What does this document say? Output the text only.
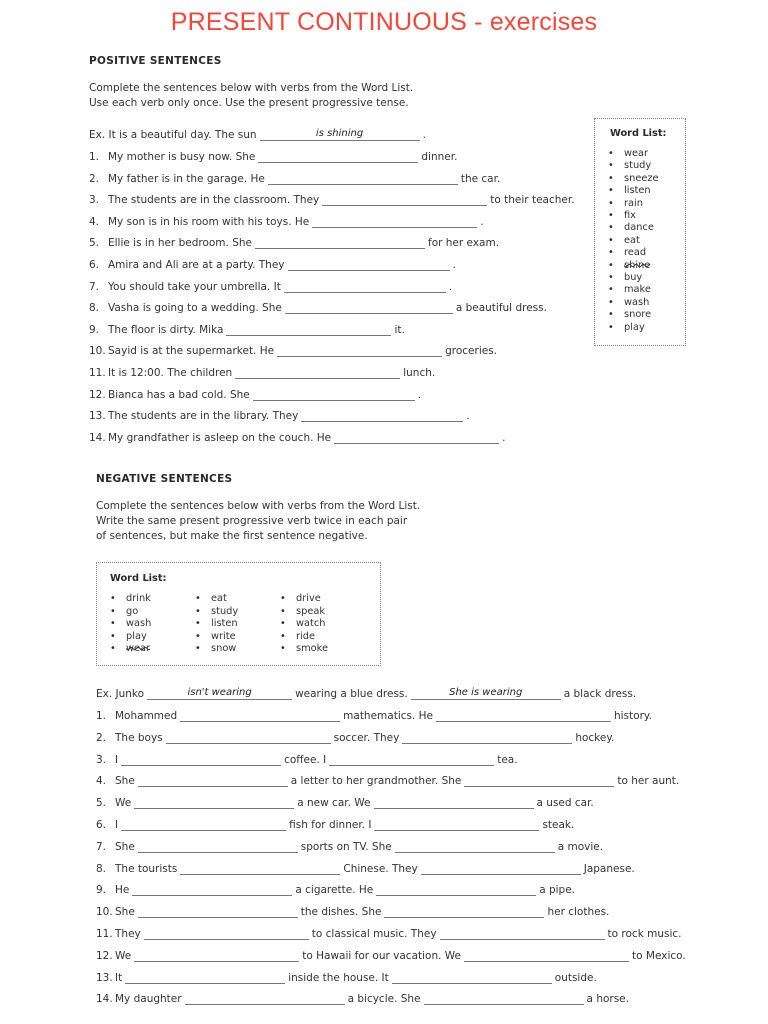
PRESENT CONTINUOUS - exercises
POSITIVE SENTENCES
Complete the sentences below with verbs from the Word List.
Use each verb only once. Use the present progressive tense.
Ex. It is a beautiful day. The sun	is shining	.
1. My mother is busy now. She	dinner.
2. My father is in the garage. He	the car.
3. The students are in the classroom. They	to their teacher.
4. My son is in his room with his toys. He	.
5. Ellie is in her bedroom. She	for her exam.
6. Amira and Ali are at a party. They	.
7. You should take your umbrella. It	.
8. Vasha is going to a wedding. She	a beautiful dress.
9. The floor is dirty. Mika	it.
10. Sayid is at the supermarket. He	groceries.
11. It is 12:00. The children	lunch.
12. Bianca has a bad cold. She	.
13. The students are in the library. They	.
14. My grandfather is asleep on the couch. He	.
Word List:
• wear
• study
• sneeze
• listen
• rain
• fix
• dance
• eat
• read
• shine
• buy
• make
• wash
• snore
• play
NEGATIVE SENTENCES
Complete the sentences below with verbs from the Word List.
Write the same present progressive verb twice in each pair
of sentences, but make the first sentence negative.
Word List:
• drink
• go
• wash
• play
• wear
• eat
• study
• listen
• write
• snow
• drive
• speak
• watch
• ride
• smoke
Ex. Junko	isn't wearing	wearing a blue dress.	She is wearing	a black dress.
1. Mohammed	mathematics. He	history.
2. The boys	soccer. They	hockey.
3. I	coffee. I	tea.
4. She	a letter to her grandmother. She	to her aunt.
5. We	a new car. We	a used car.
6. I	fish for dinner. I	steak.
7. She	sports on TV. She	a movie.
8. The tourists	Chinese. They	Japanese.
9. He	a cigarette. He	a pipe.
10. She	the dishes. She	her clothes.
11. They	to classical music. They	to rock music.
12. We	to Hawaii for our vacation. We	to Mexico.
13. It	inside the house. It	outside.
14. My daughter	a bicycle. She	a horse.
